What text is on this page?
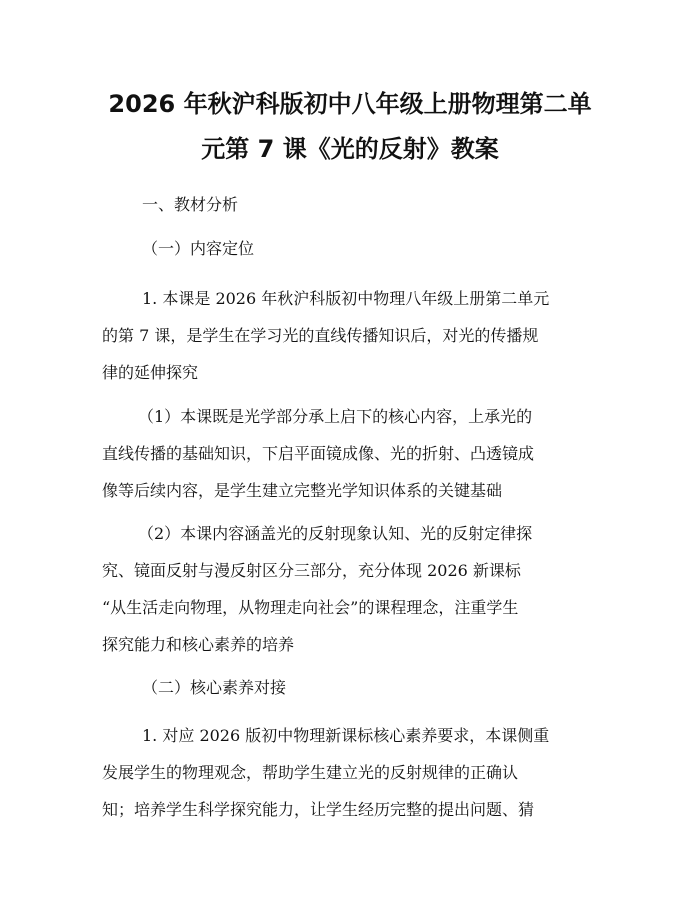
2026 年秋沪科版初中八年级上册物理第二单
元第 7 课《光的反射》教案

一、教材分析

（一）内容定位

1. 本课是 2026 年秋沪科版初中物理八年级上册第二单元
的第 7 课，是学生在学习光的直线传播知识后，对光的传播规
律的延伸探究
（1）本课既是光学部分承上启下的核心内容，上承光的
直线传播的基础知识，下启平面镜成像、光的折射、凸透镜成
像等后续内容，是学生建立完整光学知识体系的关键基础
（2）本课内容涵盖光的反射现象认知、光的反射定律探
究、镜面反射与漫反射区分三部分，充分体现 2026 新课标
“从生活走向物理，从物理走向社会”的课程理念，注重学生
探究能力和核心素养的培养

（二）核心素养对接

1. 对应 2026 版初中物理新课标核心素养要求，本课侧重
发展学生的物理观念，帮助学生建立光的反射规律的正确认
知；培养学生科学探究能力，让学生经历完整的提出问题、猜
